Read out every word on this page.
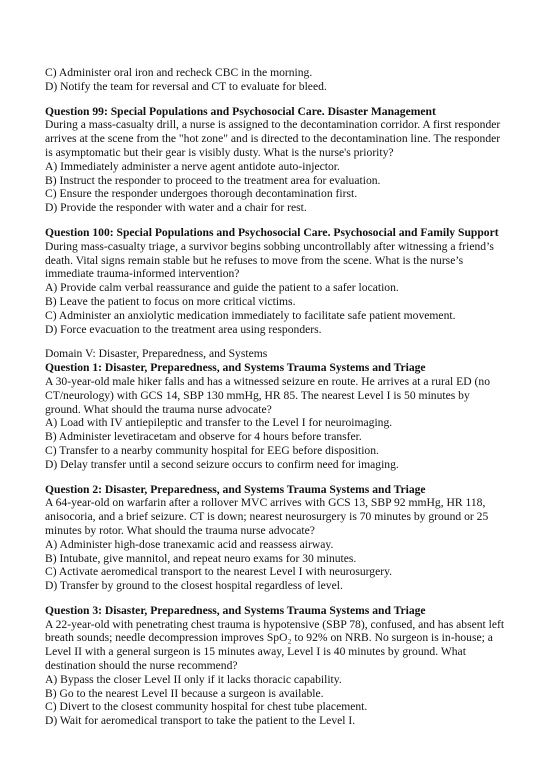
C) Administer oral iron and recheck CBC in the morning.
D) Notify the team for reversal and CT to evaluate for bleed.
Question 99: Special Populations and Psychosocial Care. Disaster Management
During a mass-casualty drill, a nurse is assigned to the decontamination corridor. A first responder arrives at the scene from the "hot zone" and is directed to the decontamination line. The responder is asymptomatic but their gear is visibly dusty. What is the nurse's priority?
A) Immediately administer a nerve agent antidote auto-injector.
B) Instruct the responder to proceed to the treatment area for evaluation.
C) Ensure the responder undergoes thorough decontamination first.
D) Provide the responder with water and a chair for rest.
Question 100: Special Populations and Psychosocial Care. Psychosocial and Family Support
During mass-casualty triage, a survivor begins sobbing uncontrollably after witnessing a friend’s death. Vital signs remain stable but he refuses to move from the scene. What is the nurse’s immediate trauma-informed intervention?
A) Provide calm verbal reassurance and guide the patient to a safer location.
B) Leave the patient to focus on more critical victims.
C) Administer an anxiolytic medication immediately to facilitate safe patient movement.
D) Force evacuation to the treatment area using responders.
Domain V: Disaster, Preparedness, and Systems
Question 1: Disaster, Preparedness, and Systems Trauma Systems and Triage
A 30-year-old male hiker falls and has a witnessed seizure en route. He arrives at a rural ED (no CT/neurology) with GCS 14, SBP 130 mmHg, HR 85. The nearest Level I is 50 minutes by ground. What should the trauma nurse advocate?
A) Load with IV antiepileptic and transfer to the Level I for neuroimaging.
B) Administer levetiracetam and observe for 4 hours before transfer.
C) Transfer to a nearby community hospital for EEG before disposition.
D) Delay transfer until a second seizure occurs to confirm need for imaging.
Question 2: Disaster, Preparedness, and Systems Trauma Systems and Triage
A 64-year-old on warfarin after a rollover MVC arrives with GCS 13, SBP 92 mmHg, HR 118, anisocoria, and a brief seizure. CT is down; nearest neurosurgery is 70 minutes by ground or 25 minutes by rotor. What should the trauma nurse advocate?
A) Administer high-dose tranexamic acid and reassess airway.
B) Intubate, give mannitol, and repeat neuro exams for 30 minutes.
C) Activate aeromedical transport to the nearest Level I with neurosurgery.
D) Transfer by ground to the closest hospital regardless of level.
Question 3: Disaster, Preparedness, and Systems Trauma Systems and Triage
A 22-year-old with penetrating chest trauma is hypotensive (SBP 78), confused, and has absent left breath sounds; needle decompression improves SpO₂ to 92% on NRB. No surgeon is in-house; a Level II with a general surgeon is 15 minutes away, Level I is 40 minutes by ground. What destination should the nurse recommend?
A) Bypass the closer Level II only if it lacks thoracic capability.
B) Go to the nearest Level II because a surgeon is available.
C) Divert to the closest community hospital for chest tube placement.
D) Wait for aeromedical transport to take the patient to the Level I.
